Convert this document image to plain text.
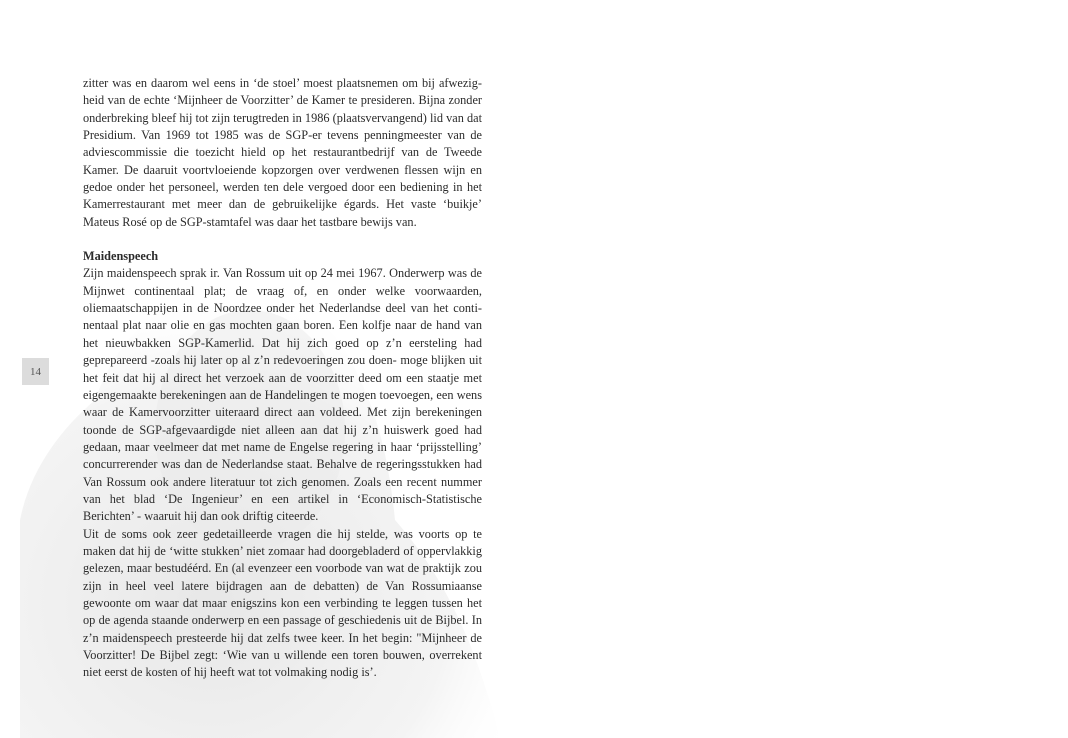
14

zitter was en daarom wel eens in ‘de stoel’ moest plaatsnemen om bij afwezigheid van de echte ‘Mijnheer de Voorzitter’ de Kamer te presideren. Bijna zonder onderbreking bleef hij tot zijn terugtreden in 1986 (plaatsvervangend) lid van dat Presidium. Van 1969 tot 1985 was de SGP-er tevens penningmeester van de adviescommissie die toezicht hield op het restaurantbedrijf van de Tweede Kamer. De daaruit voortvloeiende kopzorgen over verdwenen flessen wijn en gedoe onder het personeel, werden ten dele vergoed door een bediening in het Kamerrestaurant met meer dan de gebruikelijke égards. Het vaste ‘buikje’ Mateus Rosé op de SGP-stamtafel was daar het tastbare bewijs van.

Maidenspeech

Zijn maidenspeech sprak ir. Van Rossum uit op 24 mei 1967. Onderwerp was de Mijnwet continentaal plat; de vraag of, en onder welke voorwaarden, oliemaatschappijen in de Noordzee onder het Nederlandse deel van het continentaal plat naar olie en gas mochten gaan boren. Een kolfje naar de hand van het nieuwbakken SGP-Kamerlid. Dat hij zich goed op z’n eersteling had geprepareerd -zoals hij later op al z’n redevoeringen zou doen- moge blijken uit het feit dat hij al direct het verzoek aan de voorzitter deed om een staatje met eigengemaakte berekeningen aan de Handelingen te mogen toevoegen, een wens waar de Kamervoorzitter uiteraard direct aan voldeed. Met zijn berekeningen toonde de SGP-afgevaardigde niet alleen aan dat hij z’n huiswerk goed had gedaan, maar veelmeer dat met name de Engelse regering in haar ‘prijsstelling’ concurrerender was dan de Nederlandse staat. Behalve de regeringsstukken had Van Rossum ook andere literatuur tot zich genomen. Zoals een recent nummer van het blad ‘De Ingenieur’ en een artikel in ‘Economisch-Statistische Berichten’ - waaruit hij dan ook driftig citeerde.

Uit de soms ook zeer gedetailleerde vragen die hij stelde, was voorts op te maken dat hij de ‘witte stukken’ niet zomaar had doorgebladerd of oppervlakkig gelezen, maar bestudéérd. En (al evenzeer een voorbode van wat de praktijk zou zijn in heel veel latere bijdragen aan de debatten) de Van Rossumiaanse gewoonte om waar dat maar enigszins kon een verbinding te leggen tussen het op de agenda staande onderwerp en een passage of geschiedenis uit de Bijbel. In z’n maidenspeech presteerde hij dat zelfs twee keer. In het begin: "Mijnheer de Voorzitter! De Bijbel zegt: ‘Wie van u willende een toren bouwen, overrekent niet eerst de kosten of hij heeft wat tot volmaking nodig is’.
